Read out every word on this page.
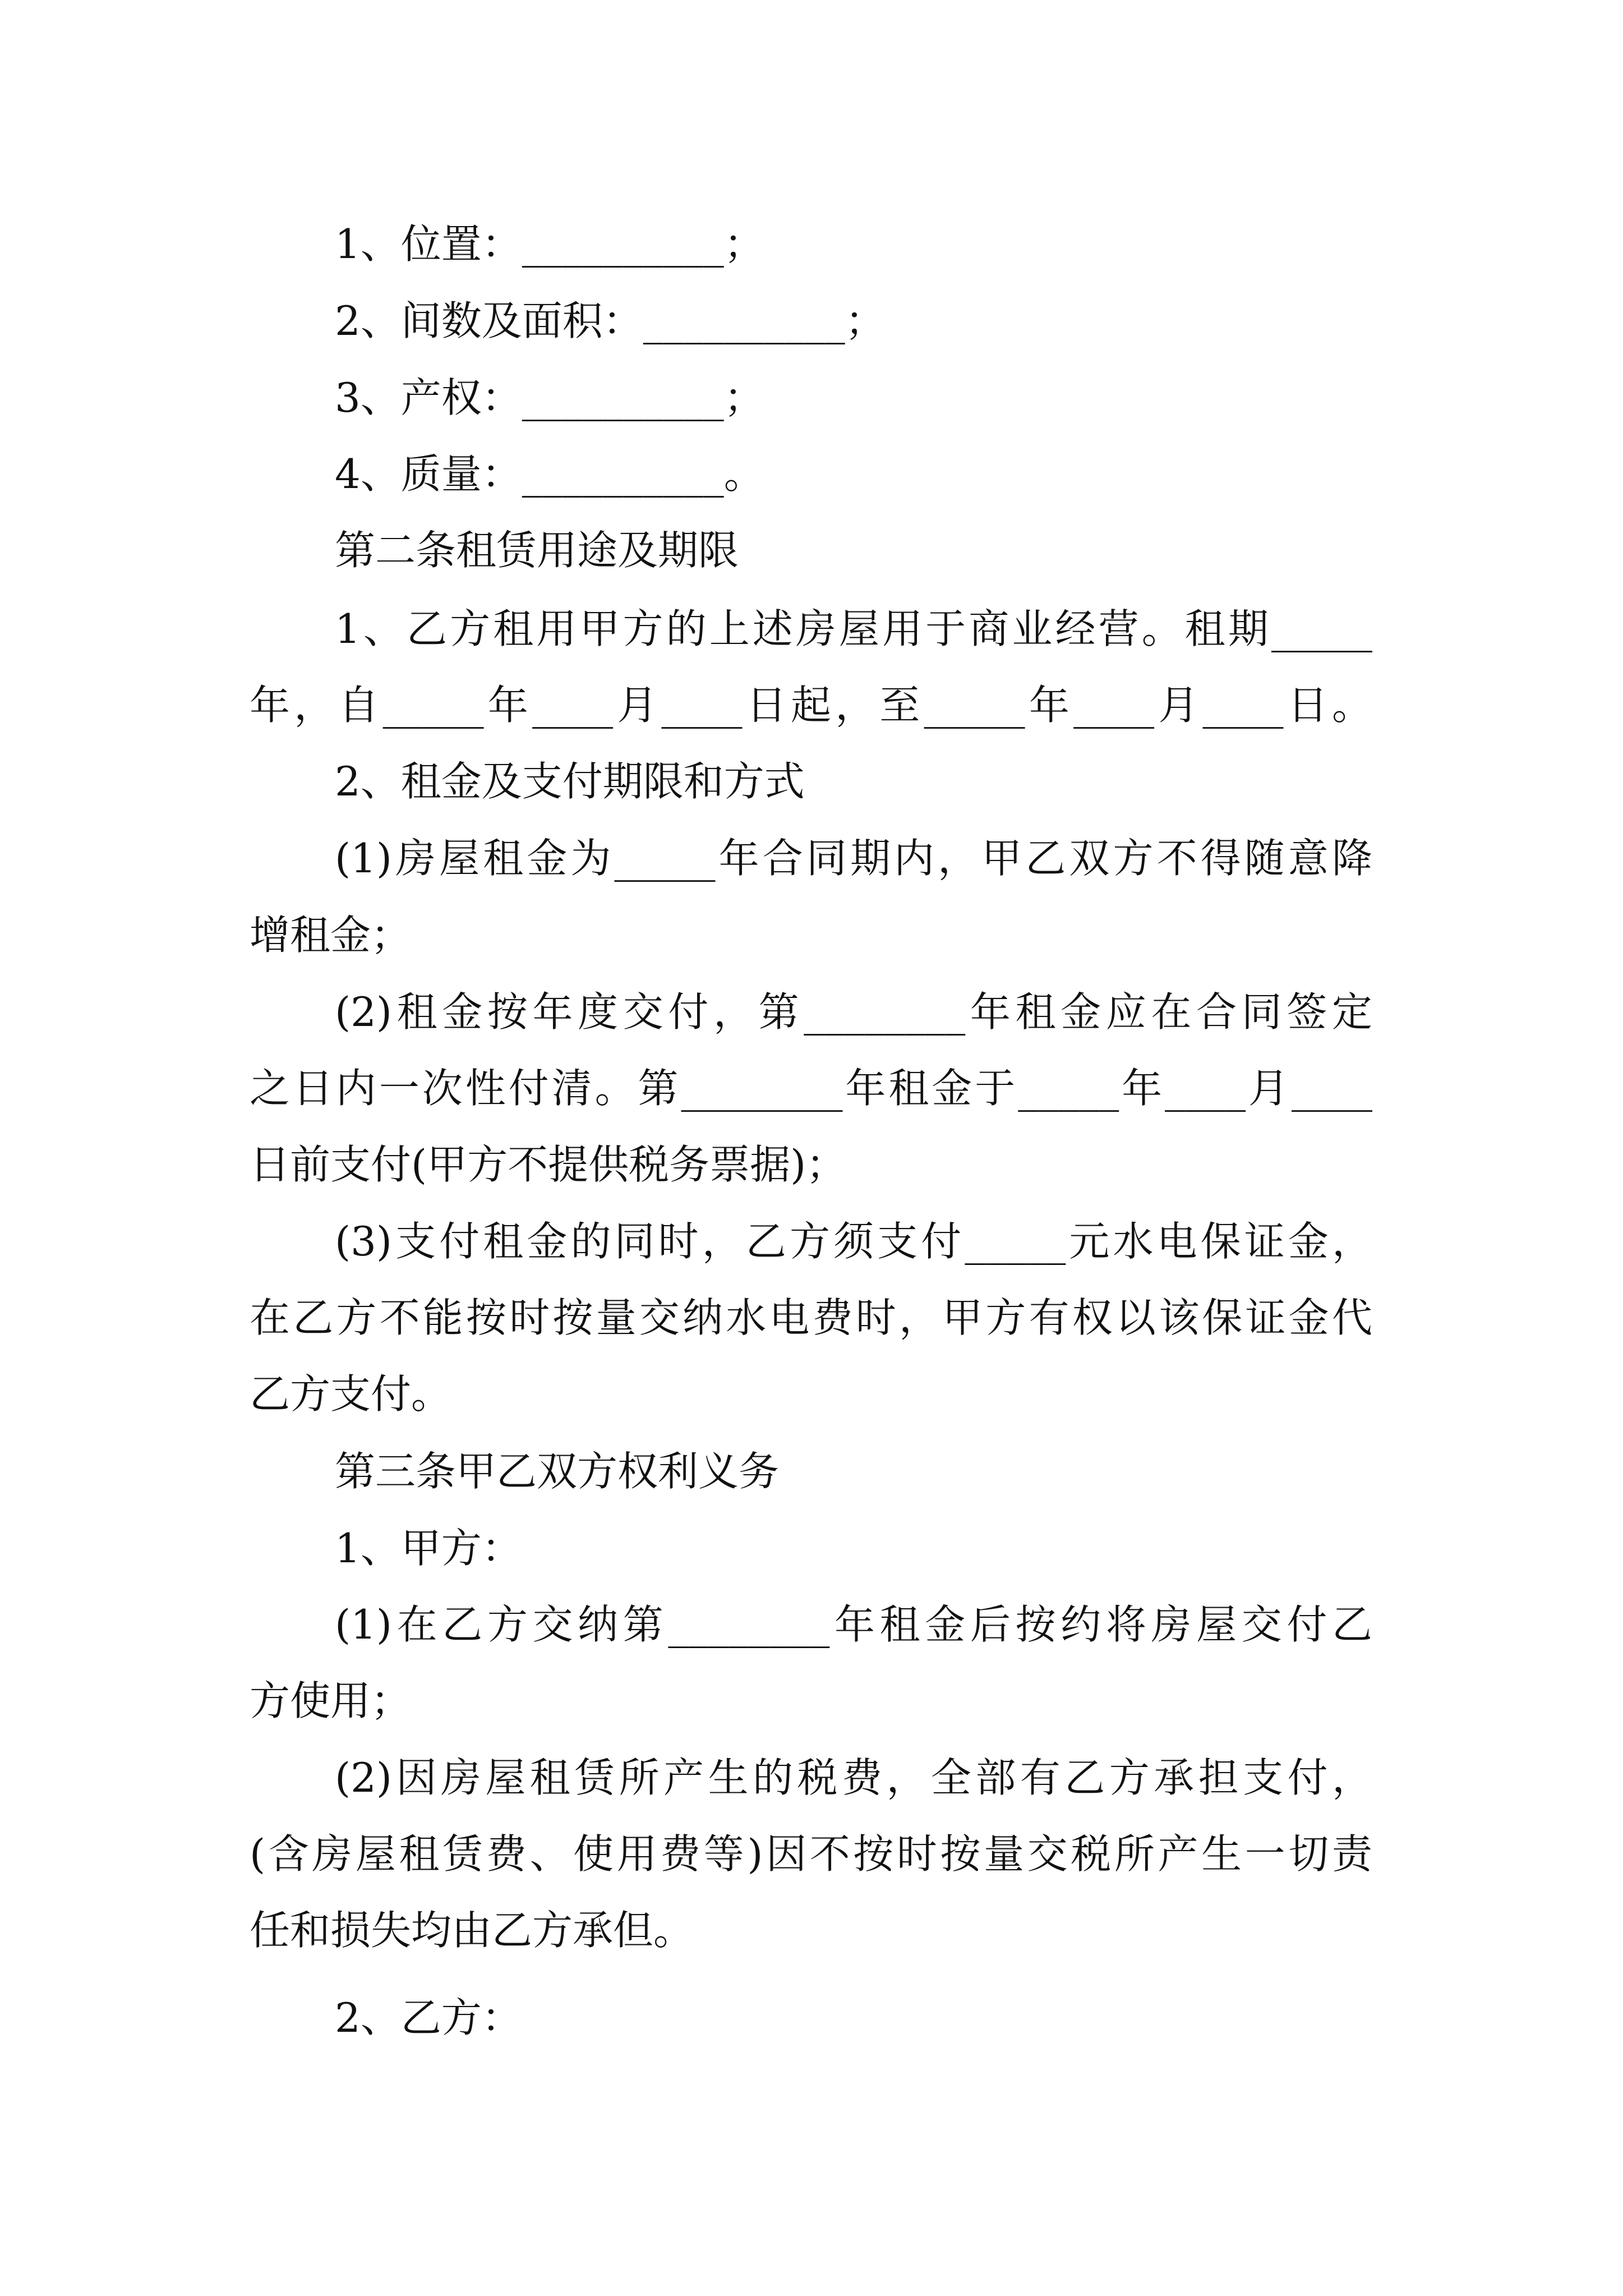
1、位置：__________；
2、间数及面积：__________；
3、产权：__________；
4、质量：__________。
第二条租赁用途及期限
1、乙方租用甲方的上述房屋用于商业经营。租期_____
年，自_____年____月____日起，至_____年____月____日。
2、租金及支付期限和方式
(1)房屋租金为_____年合同期内，甲乙双方不得随意降
增租金；
(2)租金按年度交付，第________年租金应在合同签定
之日内一次性付清。第________年租金于_____年____月____
日前支付(甲方不提供税务票据)；
(3)支付租金的同时，乙方须支付_____元水电保证金，
在乙方不能按时按量交纳水电费时，甲方有权以该保证金代
乙方支付。
第三条甲乙双方权利义务
1、甲方：
(1)在乙方交纳第________年租金后按约将房屋交付乙
方使用；
(2)因房屋租赁所产生的税费，全部有乙方承担支付，
(含房屋租赁费、使用费等)因不按时按量交税所产生一切责
任和损失均由乙方承但。
2、乙方：
